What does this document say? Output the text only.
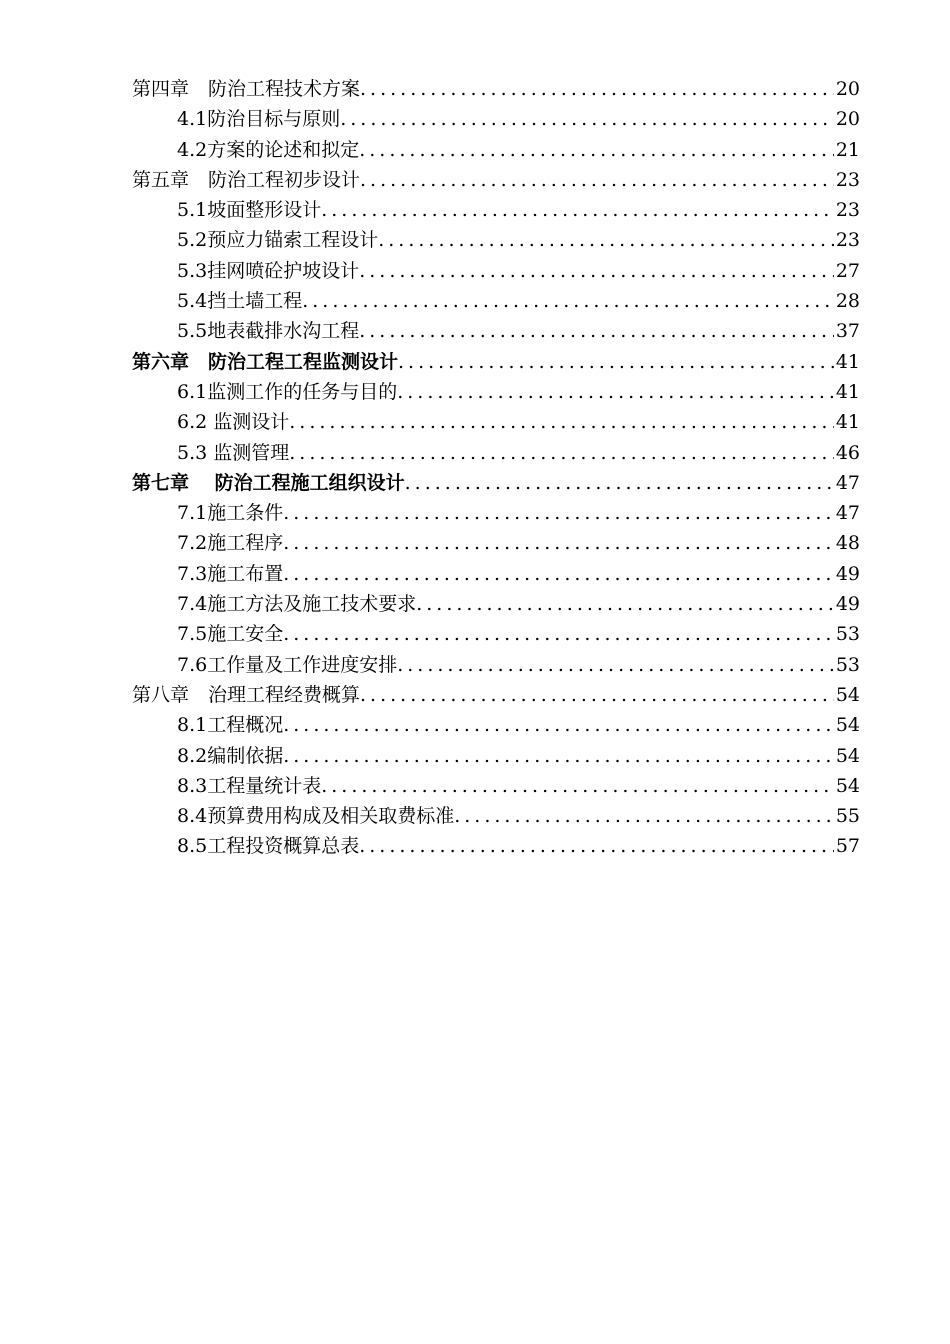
第四章　防治工程技术方案 .....	20
4.1防治目标与原则 .....	20
4.2方案的论述和拟定 .....	21
第五章　防治工程初步设计 .....	23
5.1坡面整形设计 .....	23
5.2预应力锚索工程设计 .....	23
5.3挂网喷砼护坡设计 .....	27
5.4挡土墙工程 .....	28
5.5地表截排水沟工程 .....	37
第六章　防治工程工程监测设计 .....	41
6.1监测工作的任务与目的 .....	41
6.2 监测设计 .....	41
5.3 监测管理 .....	46
第七章　 防治工程施工组织设计 .....	47
7.1施工条件 .....	47
7.2施工程序 .....	48
7.3施工布置 .....	49
7.4施工方法及施工技术要求 .....	49
7.5施工安全 .....	53
7.6工作量及工作进度安排 .....	53
第八章　治理工程经费概算 .....	54
8.1工程概况 .....	54
8.2编制依据 .....	54
8.3工程量统计表 .....	54
8.4预算费用构成及相关取费标准 .....	55
8.5工程投资概算总表 .....	57
